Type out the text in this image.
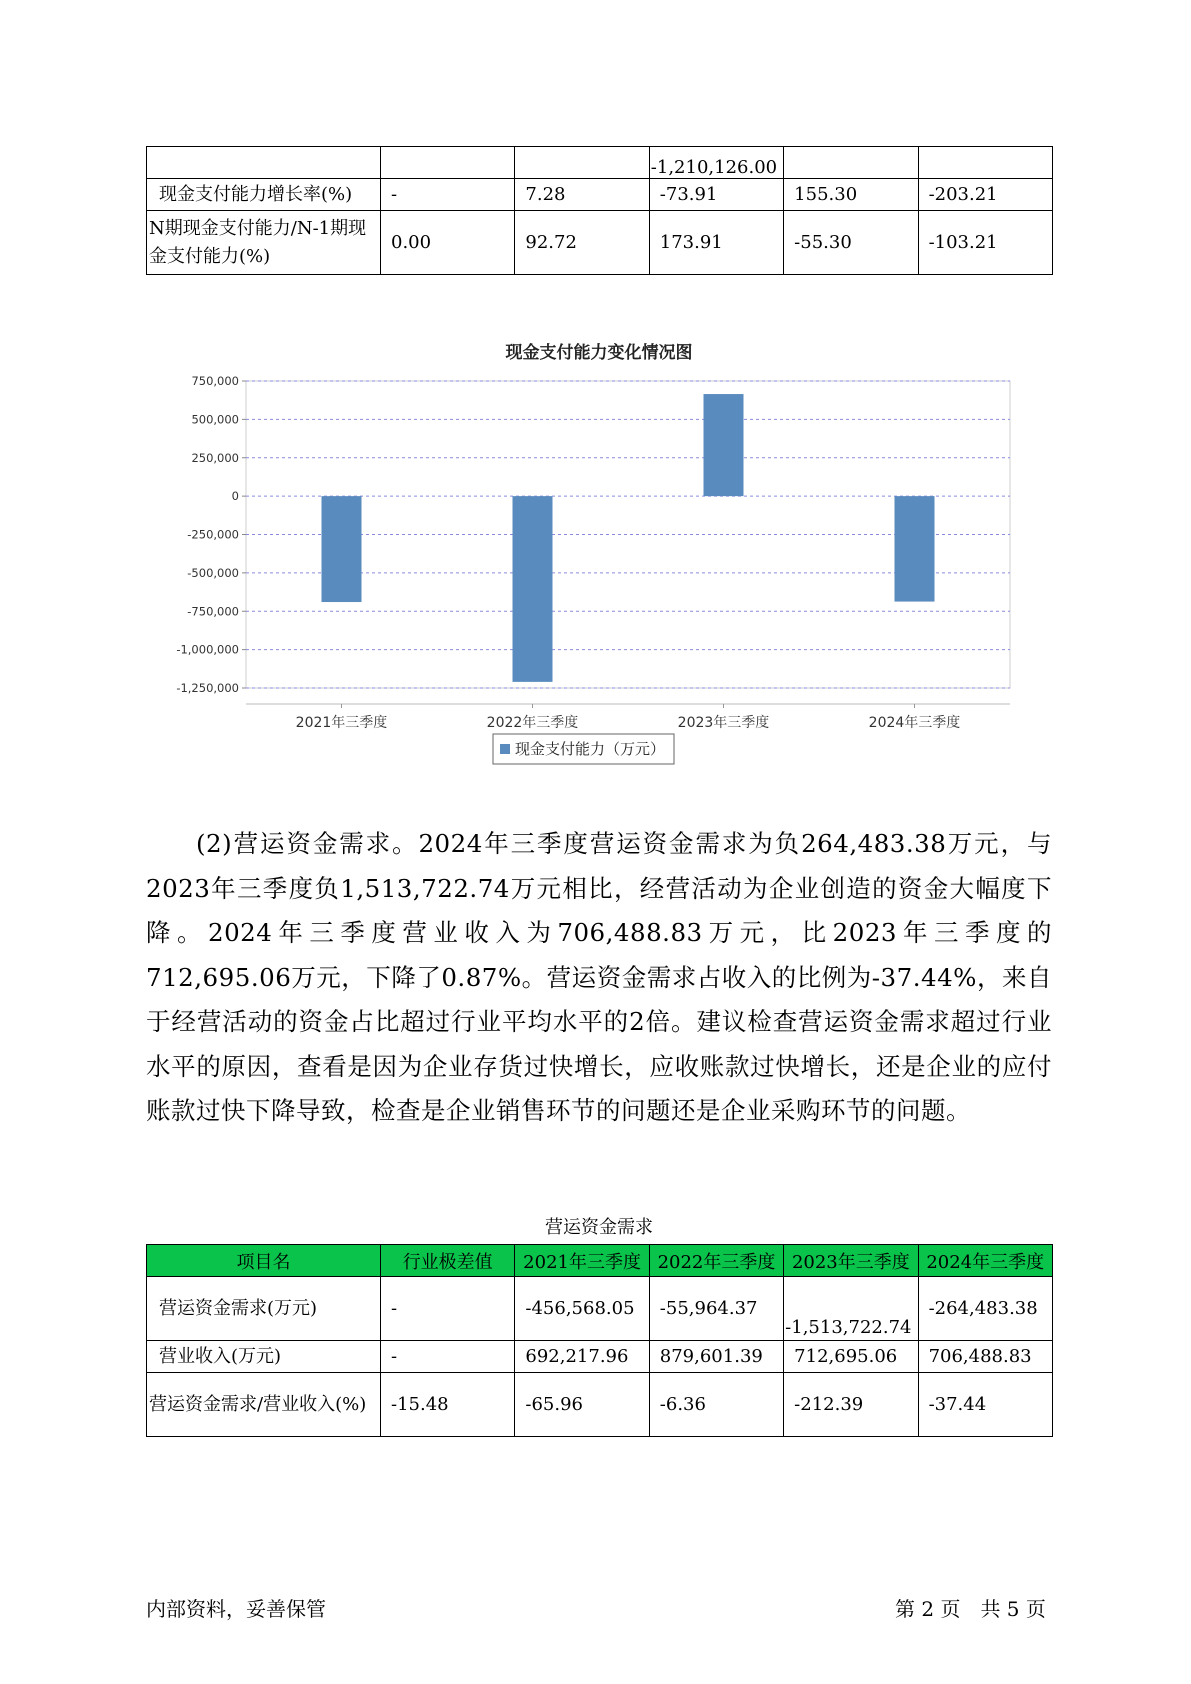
			-1,210,126.00		
现金支付能力增长率(%)	-	7.28	-73.91	155.30	-203.21
N期现金支付能力/N-1期现金支付能力(%)	0.00	92.72	173.91	-55.30	-103.21
现金支付能力变化情况图
750,000
500,000
250,000
0
-250,000
-500,000
-750,000
-1,000,000
-1,250,000
2021年三季度	2022年三季度	2023年三季度	2024年三季度
现金支付能力（万元）
(2)营运资金需求。2024年三季度营运资金需求为负264,483.38万元，与2023年三季度负1,513,722.74万元相比，经营活动为企业创造的资金大幅度下降。2024年三季度营业收入为706,488.83万元，比2023年三季度的712,695.06万元，下降了0.87%。营运资金需求占收入的比例为-37.44%，来自于经营活动的资金占比超过行业平均水平的2倍。建议检查营运资金需求超过行业水平的原因，查看是因为企业存货过快增长，应收账款过快增长，还是企业的应付账款过快下降导致，检查是企业销售环节的问题还是企业采购环节的问题。
营运资金需求
项目名	行业极差值	2021年三季度	2022年三季度	2023年三季度	2024年三季度
营运资金需求(万元)	-	-456,568.05	-55,964.37	-1,513,722.74	-264,483.38
营业收入(万元)	-	692,217.96	879,601.39	712,695.06	706,488.83
营运资金需求/营业收入(%)	-15.48	-65.96	-6.36	-212.39	-37.44
内部资料，妥善保管	第 2 页　共 5 页
